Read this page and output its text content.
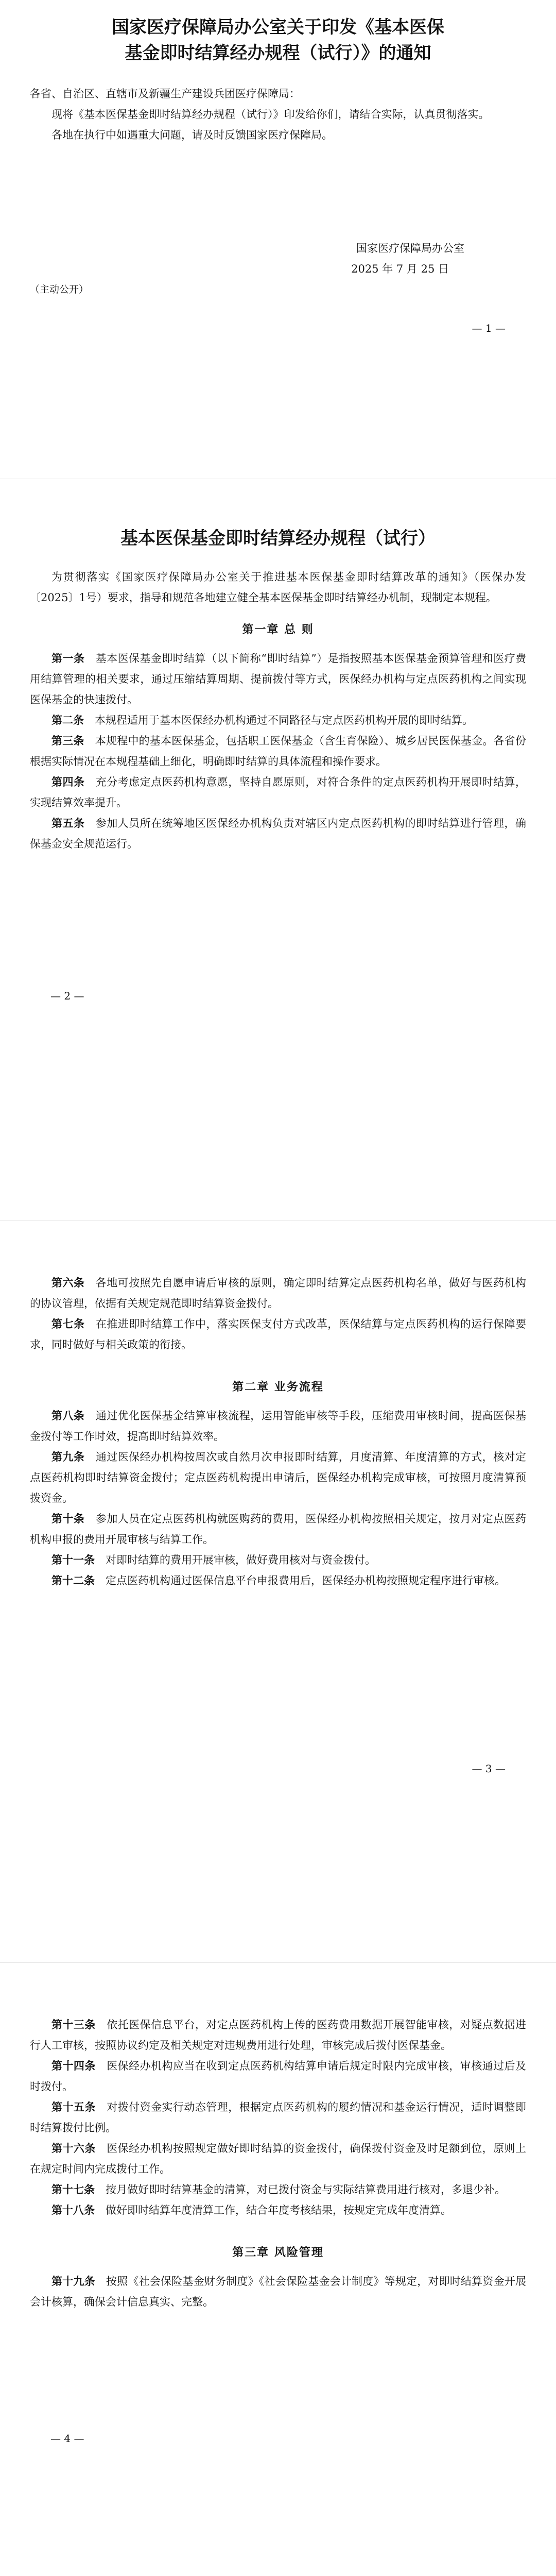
国家医疗保障局办公室关于印发《基本医保

基金即时结算经办规程（试行）》的通知

各省、自治区、直辖市及新疆生产建设兵团医疗保障局：

现将《基本医保基金即时结算经办规程（试行）》印发给你们，请结合实际，认真贯彻落实。

各地在执行中如遇重大问题，请及时反馈国家医疗保障局。

国家医疗保障局办公室

2025 年 7 月 25 日

（主动公开）

— 1 —

基本医保基金即时结算经办规程（试行）

为贯彻落实《国家医疗保障局办公室关于推进基本医保基金即时结算改革的通知》（医保办发〔2025〕1号）要求，指导和规范各地建立健全基本医保基金即时结算经办机制，现制定本规程。

第一章 总 则

第一条　 基本医保基金即时结算（以下简称“即时结算”）是指按照基本医保基金预算管理和医疗费用结算管理的相关要求，通过压缩结算周期、提前拨付等方式，医保经办机构与定点医药机构之间实现医保基金的快速拨付。

第二条　 本规程适用于基本医保经办机构通过不同路径与定点医药机构开展的即时结算。

第三条　 本规程中的基本医保基金，包括职工医保基金（含生育保险）、城乡居民医保基金。各省份根据实际情况在本规程基础上细化，明确即时结算的具体流程和操作要求。

第四条　 充分考虑定点医药机构意愿，坚持自愿原则，对符合条件的定点医药机构开展即时结算，实现结算效率提升。

第五条　 参加人员所在统筹地区医保经办机构负责对辖区内定点医药机构的即时结算进行管理，确保基金安全规范运行。

— 2 —

第六条　 各地可按照先自愿申请后审核的原则，确定即时结算定点医药机构名单，做好与医药机构的协议管理，依据有关规定规范即时结算资金拨付。

第七条　 在推进即时结算工作中，落实医保支付方式改革，医保结算与定点医药机构的运行保障要求，同时做好与相关政策的衔接。

第二章 业务流程

第八条　 通过优化医保基金结算审核流程，运用智能审核等手段，压缩费用审核时间，提高医保基金拨付等工作时效，提高即时结算效率。

第九条　 通过医保经办机构按周次或自然月次申报即时结算，月度清算、年度清算的方式，核对定点医药机构即时结算资金拨付；定点医药机构提出申请后，医保经办机构完成审核，可按照月度清算预拨资金。

第十条　 参加人员在定点医药机构就医购药的费用，医保经办机构按照相关规定，按月对定点医药机构申报的费用开展审核与结算工作。

第十一条　 对即时结算的费用开展审核，做好费用核对与资金拨付。

第十二条　 定点医药机构通过医保信息平台申报费用后，医保经办机构按照规定程序进行审核。

— 3 —

第十三条　 依托医保信息平台，对定点医药机构上传的医药费用数据开展智能审核，对疑点数据进行人工审核，按照协议约定及相关规定对违规费用进行处理，审核完成后拨付医保基金。

第十四条　 医保经办机构应当在收到定点医药机构结算申请后规定时限内完成审核，审核通过后及时拨付。

第十五条　 对拨付资金实行动态管理，根据定点医药机构的履约情况和基金运行情况，适时调整即时结算拨付比例。

第十六条　 医保经办机构按照规定做好即时结算的资金拨付，确保拨付资金及时足额到位，原则上在规定时间内完成拨付工作。

第十七条　 按月做好即时结算基金的清算，对已拨付资金与实际结算费用进行核对，多退少补。

第十八条　 做好即时结算年度清算工作，结合年度考核结果，按规定完成年度清算。

第三章 风险管理

第十九条　 按照《社会保险基金财务制度》《社会保险基金会计制度》等规定，对即时结算资金开展会计核算，确保会计信息真实、完整。

— 4 —
